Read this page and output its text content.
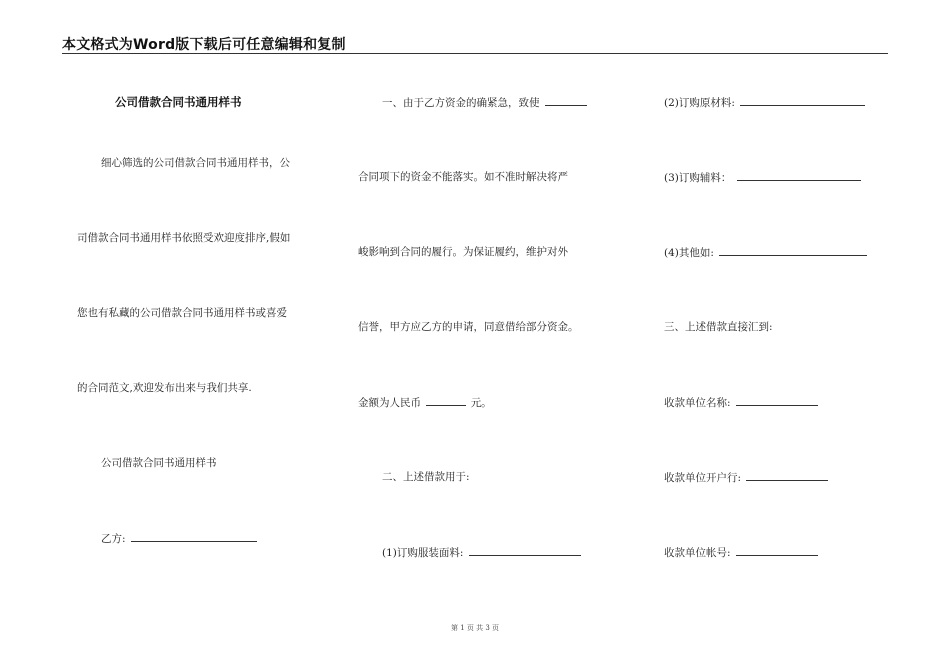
本文格式为Word版下载后可任意编辑和复制
公司借款合同书通用样书
细心筛选的公司借款合同书通用样书，公
司借款合同书通用样书依照受欢迎度排序,假如
您也有私藏的公司借款合同书通用样书或喜爱
的合同范文,欢迎发布出来与我们共享.
公司借款合同书通用样书
乙方:
一、由于乙方资金的确紧急，致使
合同项下的资金不能落实。如不准时解决将严
峻影响到合同的履行。为保证履约，维护对外
信誉，甲方应乙方的申请，同意借给部分资金。
金额为人民币	元。
二、上述借款用于:
(1)订购服装面料:
(2)订购原材料:
(3)订购辅料：
(4)其他如:
三、上述借款直接汇到:
收款单位名称:
收款单位开户行:
收款单位帐号:
第 1 页 共 3 页
